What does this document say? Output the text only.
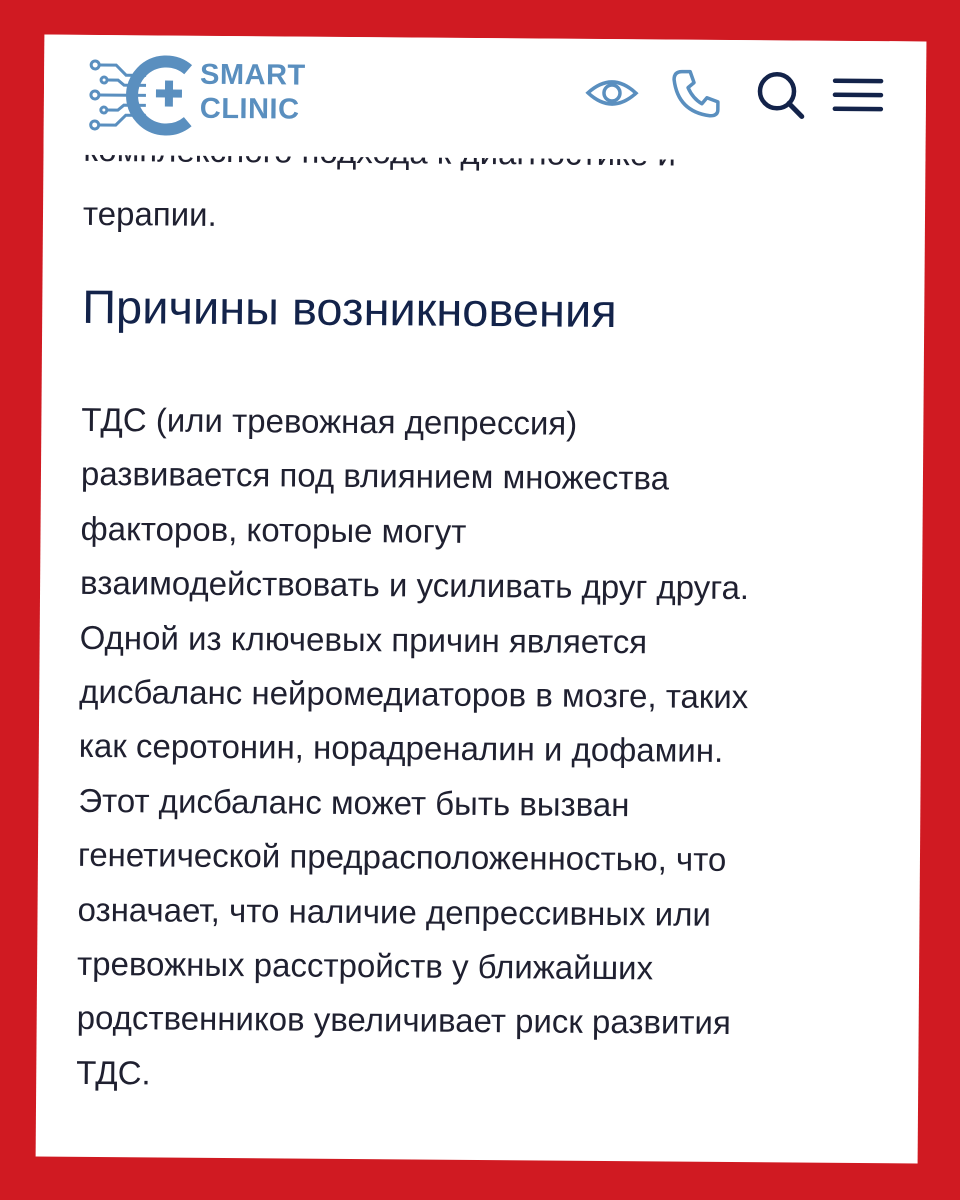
SMART
CLINIC

терапии.

Причины возникновения

ТДС (или тревожная депрессия)
развивается под влиянием множества
факторов, которые могут
взаимодействовать и усиливать друг друга.
Одной из ключевых причин является
дисбаланс нейромедиаторов в мозге, таких
как серотонин, норадреналин и дофамин.
Этот дисбаланс может быть вызван
генетической предрасположенностью, что
означает, что наличие депрессивных или
тревожных расстройств у ближайших
родственников увеличивает риск развития
ТДС.
